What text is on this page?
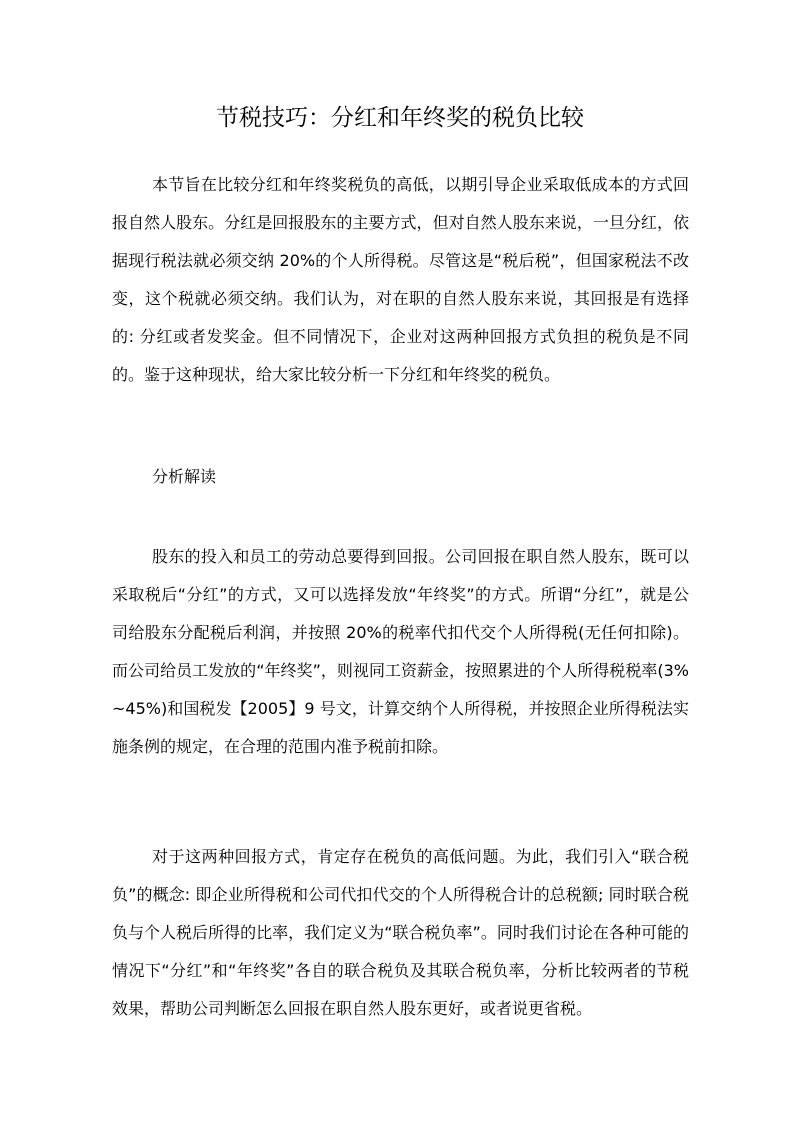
节税技巧：分红和年终奖的税负比较

本节旨在比较分红和年终奖税负的高低，以期引导企业采取低成本的方式回报自然人股东。分红是回报股东的主要方式，但对自然人股东来说，一旦分红，依据现行税法就必须交纳 20%的个人所得税。尽管这是“税后税”，但国家税法不改变，这个税就必须交纳。我们认为，对在职的自然人股东来说，其回报是有选择的: 分红或者发奖金。但不同情况下，企业对这两种回报方式负担的税负是不同的。鉴于这种现状，给大家比较分析一下分红和年终奖的税负。

分析解读

股东的投入和员工的劳动总要得到回报。公司回报在职自然人股东，既可以采取税后“分红”的方式，又可以选择发放“年终奖”的方式。所谓“分红”，就是公司给股东分配税后利润，并按照 20%的税率代扣代交个人所得税(无任何扣除)。而公司给员工发放的“年终奖”，则视同工资薪金，按照累进的个人所得税税率(3%~45%)和国税发【2005】9 号文，计算交纳个人所得税，并按照企业所得税法实施条例的规定，在合理的范围内准予税前扣除。

对于这两种回报方式，肯定存在税负的高低问题。为此，我们引入“联合税负”的概念: 即企业所得税和公司代扣代交的个人所得税合计的总税额; 同时联合税负与个人税后所得的比率，我们定义为“联合税负率”。同时我们讨论在各种可能的情况下“分红”和“年终奖”各自的联合税负及其联合税负率，分析比较两者的节税效果，帮助公司判断怎么回报在职自然人股东更好，或者说更省税。
